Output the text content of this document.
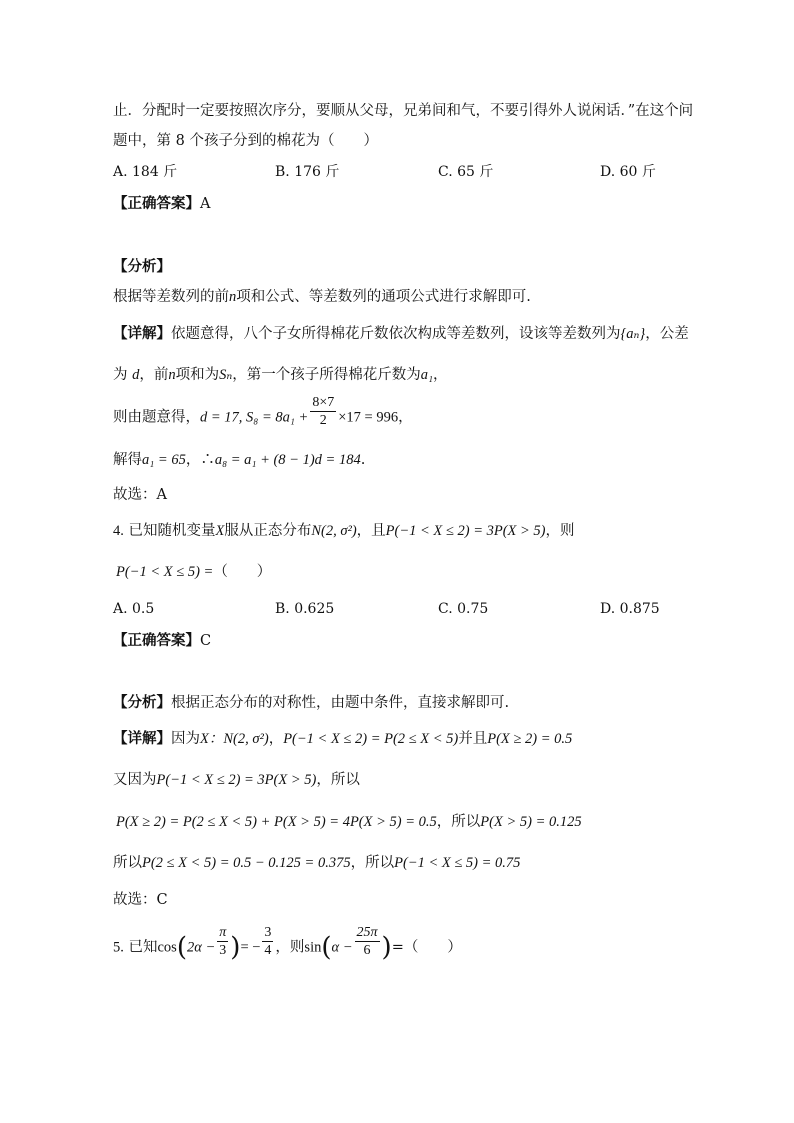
止．分配时一定要按照次序分，要顺从父母，兄弟间和气，不要引得外人说闲话．”在这个问
题中，第 8 个孩子分到的棉花为（　　）
A. 184 斤	B. 176 斤	C. 65 斤	D. 60 斤
【正确答案】A
【分析】
根据等差数列的前n项和公式、等差数列的通项公式进行求解即可.
【详解】依题意得，八个子女所得棉花斤数依次构成等差数列，设该等差数列为{aₙ}，公差
为 d，前n项和为Sₙ，第一个孩子所得棉花斤数为a₁，
则由题意得，d = 17, $S_8 = 8a_1 + \frac{8\times 7}{2} \times 17 = 996$，
解得a₁ = 65，∴a₈ = a₁ + (8 − 1)d = 184.
故选：A
4. 已知随机变量X服从正态分布N(2, σ²)，且P(−1 < X ≤ 2) = 3P(X > 5)，则
P(−1 < X ≤ 5) =（　　）
A. 0.5	B. 0.625	C. 0.75	D. 0.875
【正确答案】C
【分析】根据正态分布的对称性，由题中条件，直接求解即可.
【详解】因为X：N(2, σ²)，P(−1 < X ≤ 2) = P(2 ≤ X < 5)并且P(X ≥ 2) = 0.5
又因为P(−1 < X ≤ 2) = 3P(X > 5)，所以
P(X ≥ 2) = P(2 ≤ X < 5) + P(X > 5) = 4P(X > 5) = 0.5，所以P(X > 5) = 0.125
所以P(2 ≤ X < 5) = 0.5 − 0.125 = 0.375，所以P(−1 < X ≤ 5) = 0.75
故选：C
5. 已知$\cos(2\alpha - \frac{\pi}{3}$ )= − $\frac{3}{4}$ ，则$\sin(\alpha - \frac{25\pi}{6}$ )=（　　）
